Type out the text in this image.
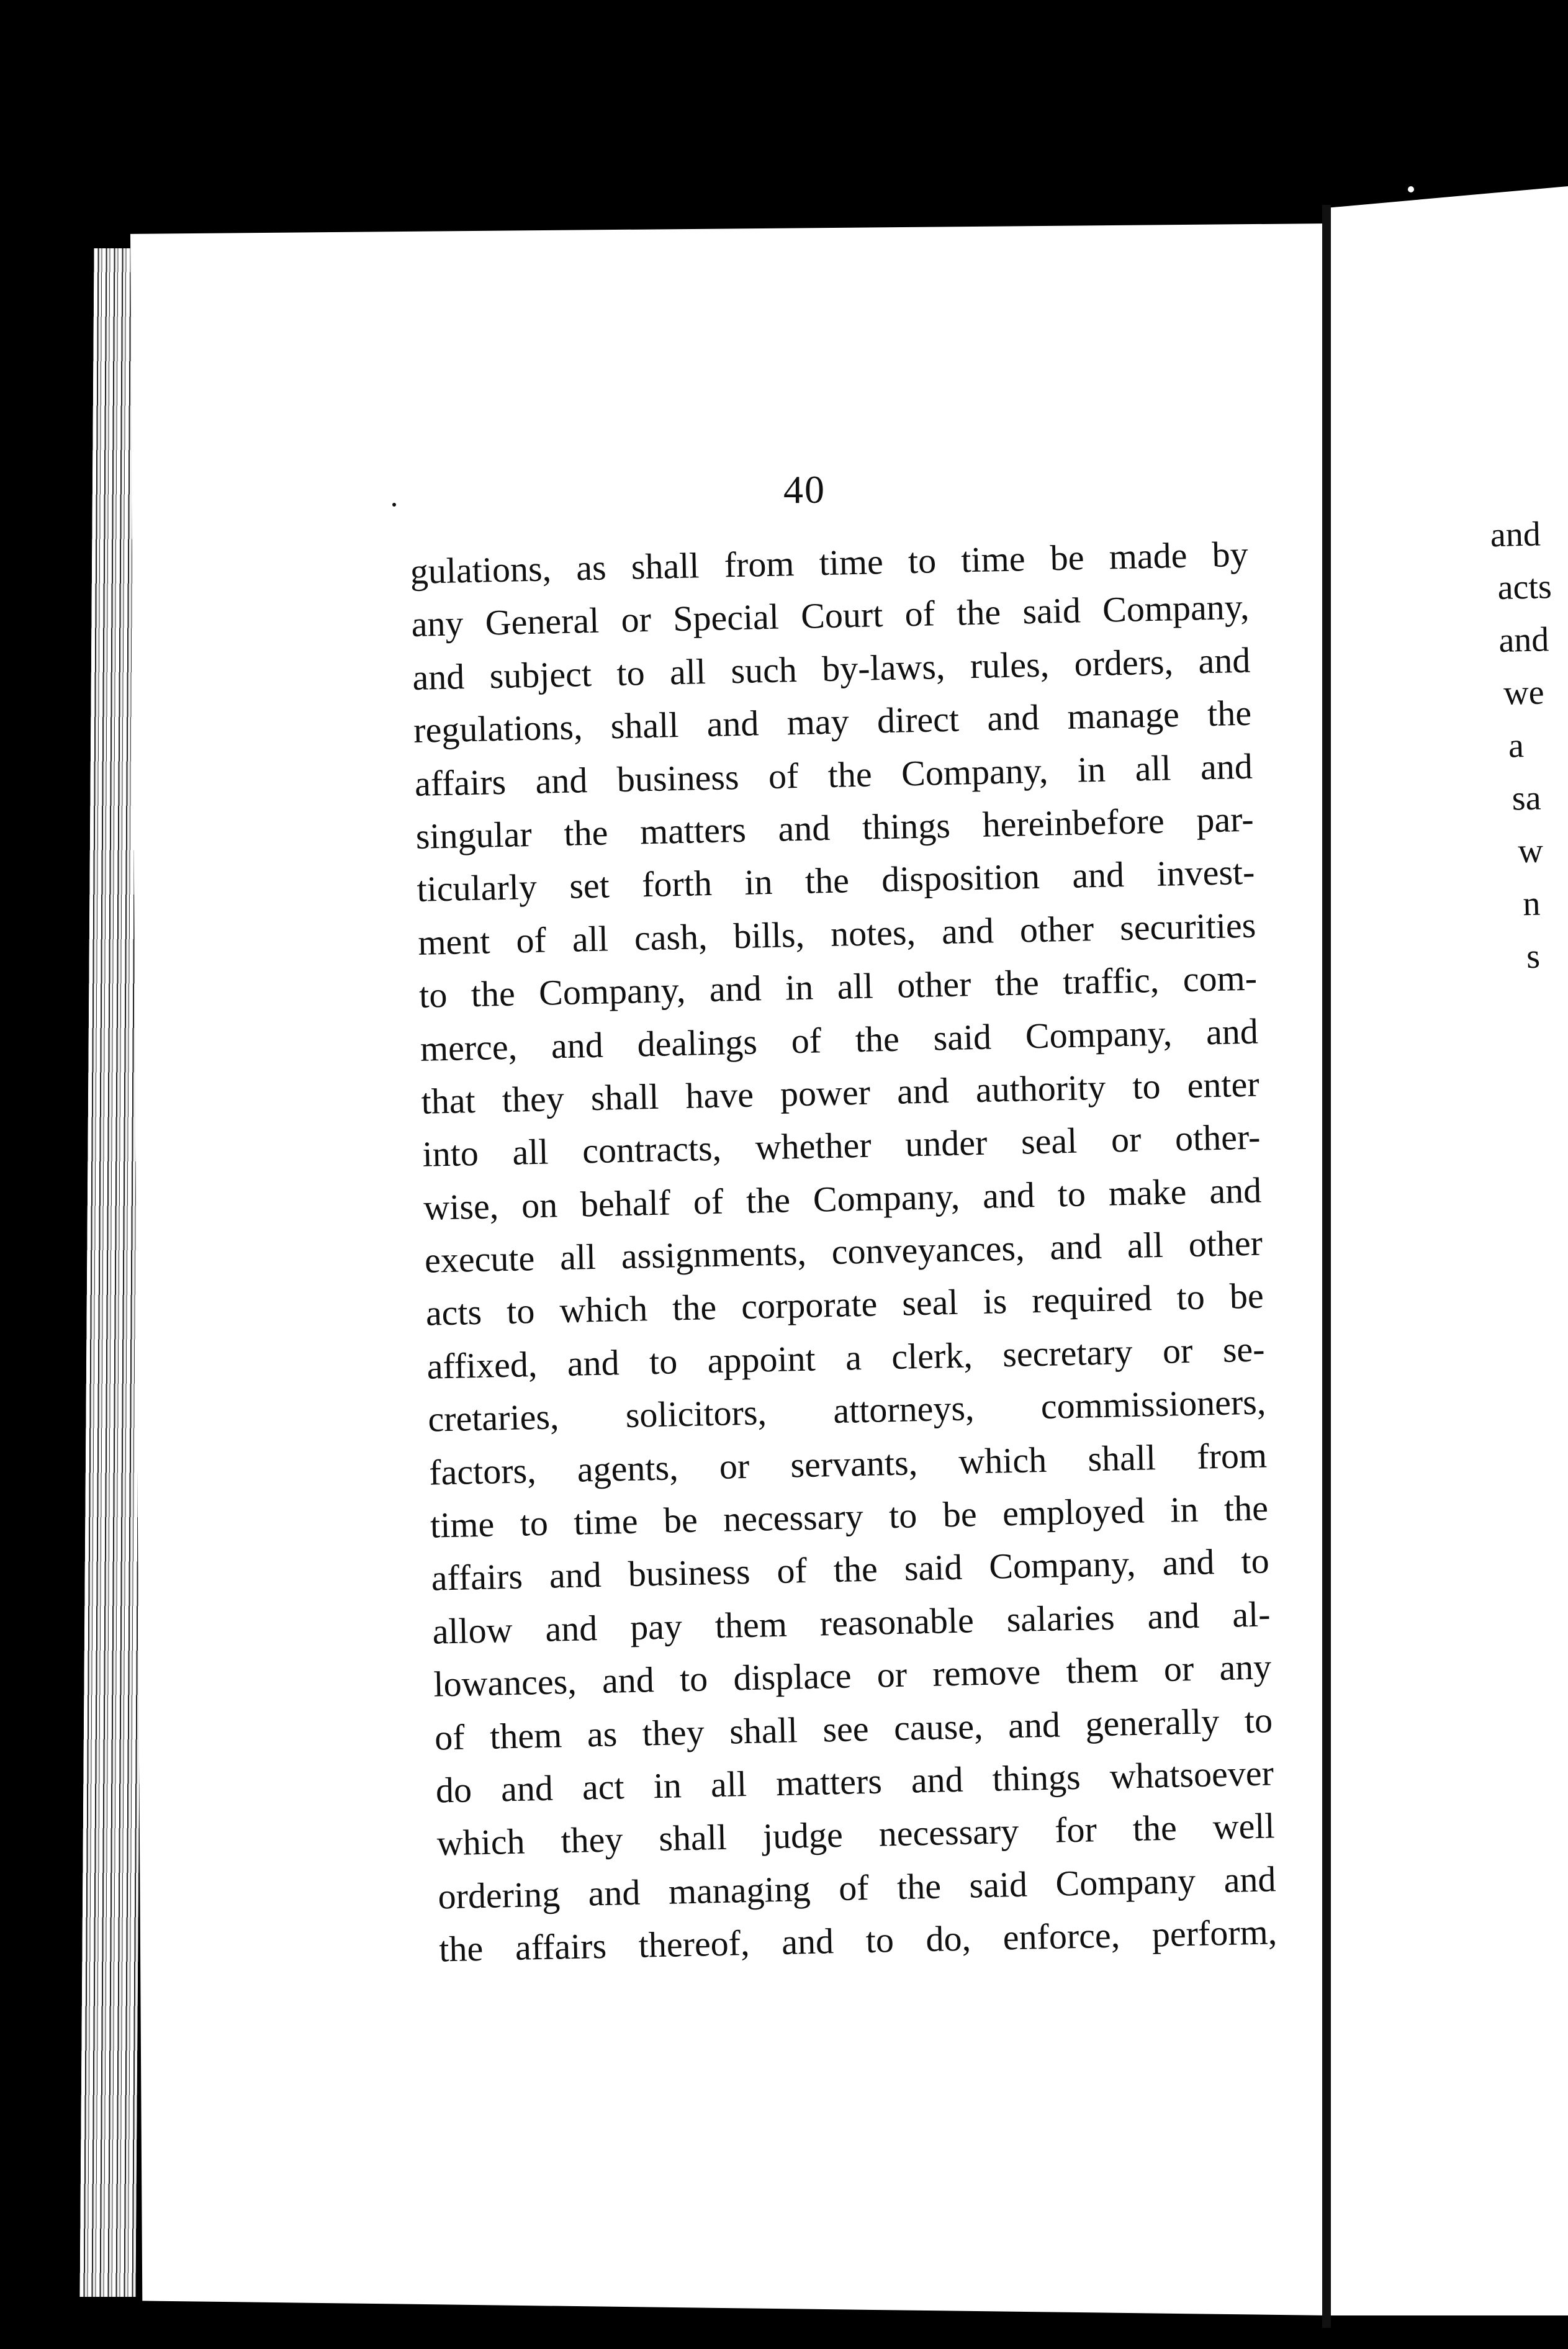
40
gulations, as shall from time to time be made by
any General or Special Court of the said Company,
and subject to all such by-laws, rules, orders, and
regulations, shall and may direct and manage the
affairs and business of the Company, in all and
singular the matters and things hereinbefore par-
ticularly set forth in the disposition and invest-
ment of all cash, bills, notes, and other securities
to the Company, and in all other the traffic, com-
merce, and dealings of the said Company, and
that they shall have power and authority to enter
into all contracts, whether under seal or other-
wise, on behalf of the Company, and to make and
execute all assignments, conveyances, and all other
acts to which the corporate seal is required to be
affixed, and to appoint a clerk, secretary or se-
cretaries, solicitors, attorneys, commissioners,
factors, agents, or servants, which shall from
time to time be necessary to be employed in the
affairs and business of the said Company, and to
allow and pay them reasonable salaries and al-
lowances, and to displace or remove them or any
of them as they shall see cause, and generally to
do and act in all matters and things whatsoever
which they shall judge necessary for the well
ordering and managing of the said Company and
the affairs thereof, and to do, enforce, perform,
and
acts
and
we
a
sa
w
n
s
